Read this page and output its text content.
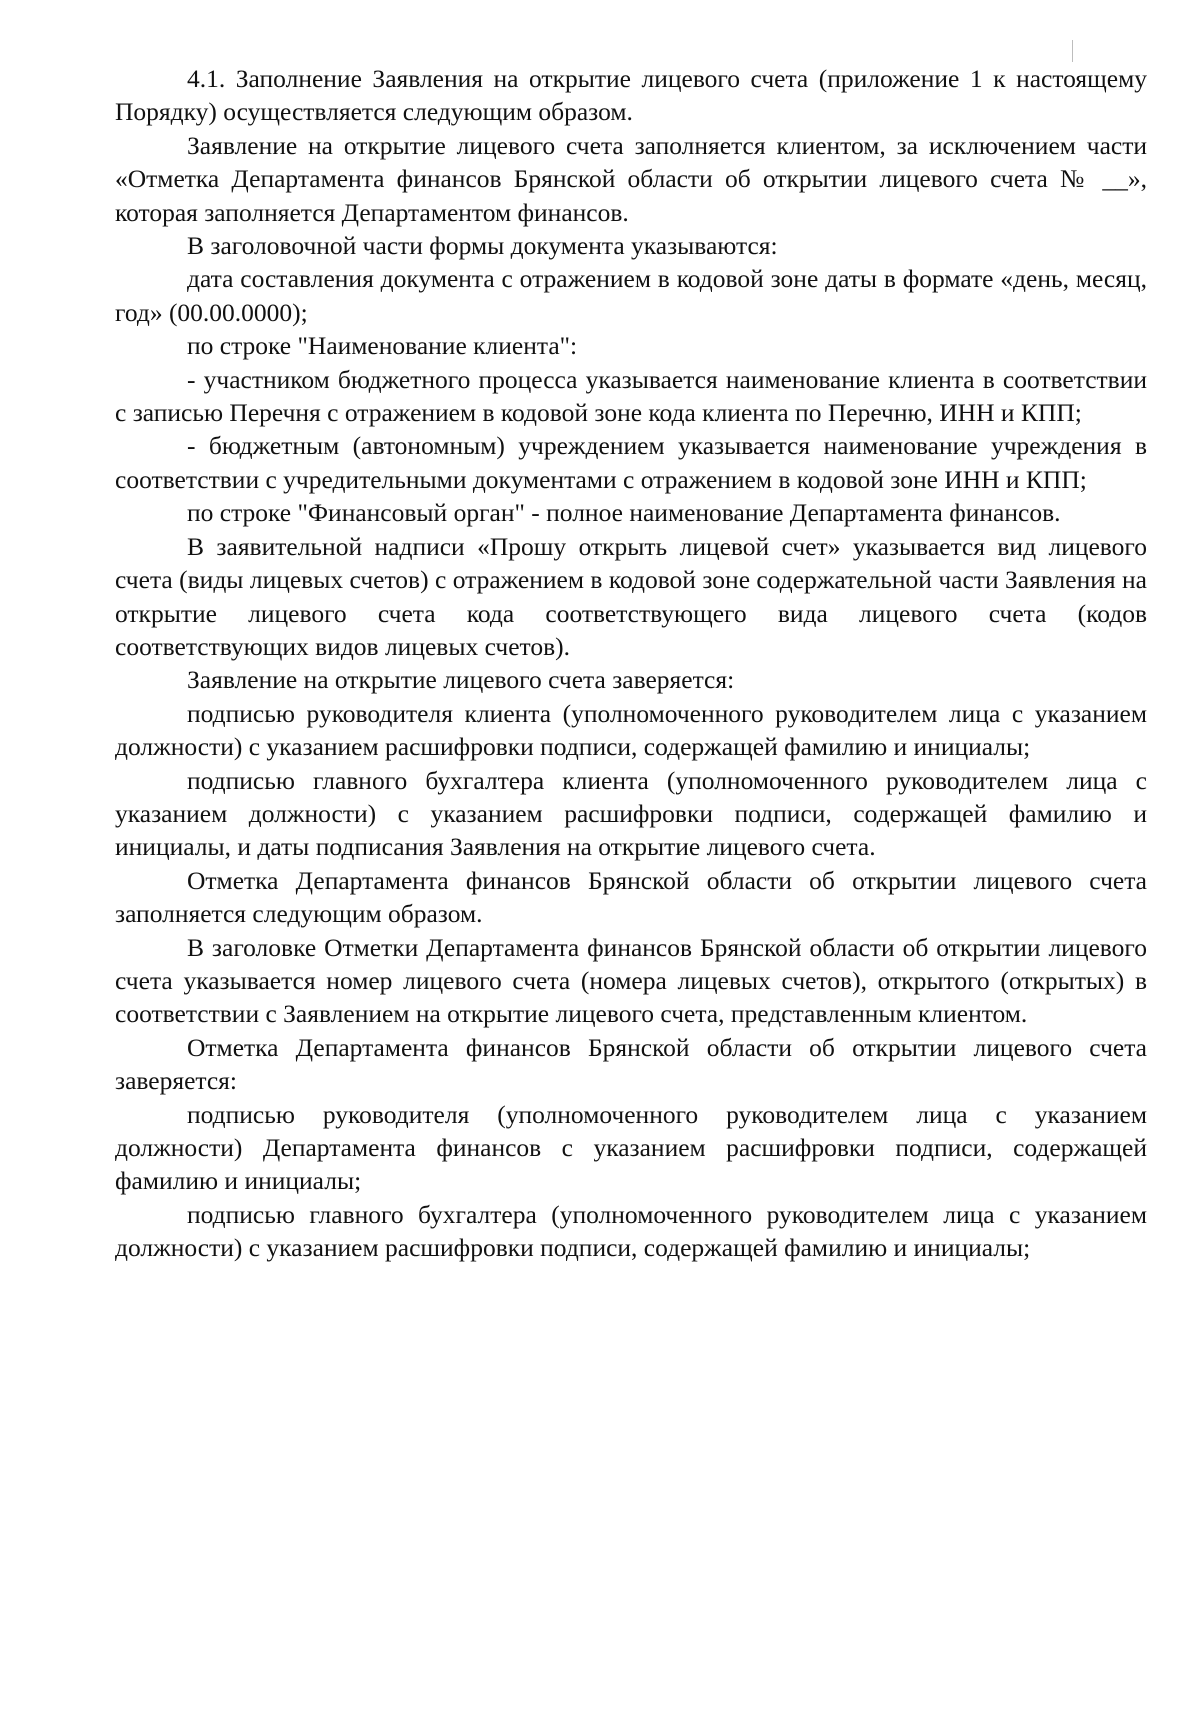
4.1. Заполнение Заявления на открытие лицевого счета (приложение 1 к настоящему Порядку) осуществляется следующим образом.

Заявление на открытие лицевого счета заполняется клиентом, за исключением части «Отметка Департамента финансов Брянской области об открытии лицевого счета № __», которая заполняется Департаментом финансов.

В заголовочной части формы документа указываются:

дата составления документа с отражением в кодовой зоне даты в формате «день, месяц, год» (00.00.0000);

по строке "Наименование клиента":

- участником бюджетного процесса указывается наименование клиента в соответствии с записью Перечня с отражением в кодовой зоне кода клиента по Перечню, ИНН и КПП;

- бюджетным (автономным) учреждением указывается наименование учреждения в соответствии с учредительными документами с отражением в кодовой зоне ИНН и КПП;

по строке "Финансовый орган" - полное наименование Департамента финансов.

В заявительной надписи «Прошу открыть лицевой счет» указывается вид лицевого счета (виды лицевых счетов) с отражением в кодовой зоне содержательной части Заявления на открытие лицевого счета кода соответствующего вида лицевого счета (кодов соответствующих видов лицевых счетов).

Заявление на открытие лицевого счета заверяется:

подписью руководителя клиента (уполномоченного руководителем лица с указанием должности) с указанием расшифровки подписи, содержащей фамилию и инициалы;

подписью главного бухгалтера клиента (уполномоченного руководителем лица с указанием должности) с указанием расшифровки подписи, содержащей фамилию и инициалы, и даты подписания Заявления на открытие лицевого счета.

Отметка Департамента финансов Брянской области об открытии лицевого счета заполняется следующим образом.

В заголовке Отметки Департамента финансов Брянской области об открытии лицевого счета указывается номер лицевого счета (номера лицевых счетов), открытого (открытых) в соответствии с Заявлением на открытие лицевого счета, представленным клиентом.

Отметка Департамента финансов Брянской области об открытии лицевого счета заверяется:

подписью руководителя (уполномоченного руководителем лица с указанием должности) Департамента финансов с указанием расшифровки подписи, содержащей фамилию и инициалы;

подписью главного бухгалтера (уполномоченного руководителем лица с указанием должности) с указанием расшифровки подписи, содержащей фамилию и инициалы;
